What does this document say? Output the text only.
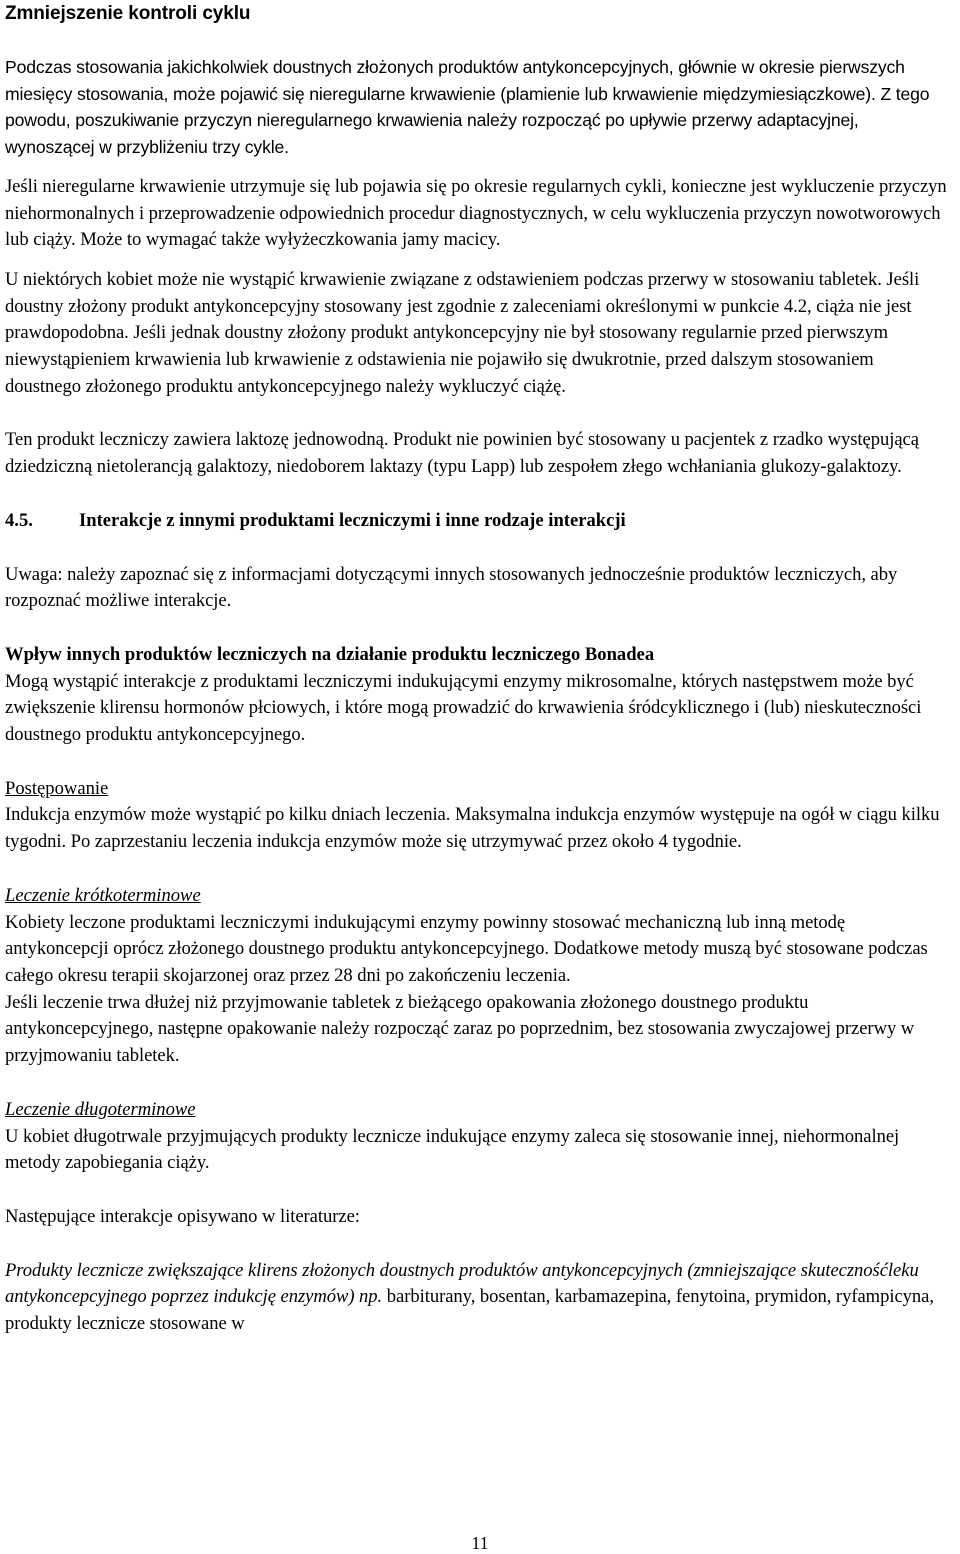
Zmniejszenie kontroli cyklu

Podczas stosowania jakichkolwiek doustnych złożonych produktów antykoncepcyjnych, głównie w okresie pierwszych miesięcy stosowania, może pojawić się nieregularne krwawienie (plamienie lub krwawienie międzymiesiączkowe). Z tego powodu, poszukiwanie przyczyn nieregularnego krwawienia należy rozpocząć po upływie przerwy adaptacyjnej, wynoszącej w przybliżeniu trzy cykle.

Jeśli nieregularne krwawienie utrzymuje się lub pojawia się po okresie regularnych cykli, konieczne jest wykluczenie przyczyn niehormonalnych i przeprowadzenie odpowiednich procedur diagnostycznych, w celu wykluczenia przyczyn nowotworowych lub ciąży. Może to wymagać także wyłyżeczkowania jamy macicy.

U niektórych kobiet może nie wystąpić krwawienie związane z odstawieniem podczas przerwy w stosowaniu tabletek. Jeśli doustny złożony produkt antykoncepcyjny stosowany jest zgodnie z zaleceniami określonymi w punkcie 4.2, ciąża nie jest prawdopodobna. Jeśli jednak doustny złożony produkt antykoncepcyjny nie był stosowany regularnie przed pierwszym niewystąpieniem krwawienia lub krwawienie z odstawienia nie pojawiło się dwukrotnie, przed dalszym stosowaniem doustnego złożonego produktu antykoncepcyjnego należy wykluczyć ciążę.

Ten produkt leczniczy zawiera laktozę jednowodną. Produkt nie powinien być stosowany u pacjentek z rzadko występującą dziedziczną nietolerancją galaktozy, niedoborem laktazy (typu Lapp) lub zespołem złego wchłaniania glukozy-galaktozy.

4.5.	Interakcje z innymi produktami leczniczymi i inne rodzaje interakcji

Uwaga: należy zapoznać się z informacjami dotyczącymi innych stosowanych jednocześnie produktów leczniczych, aby rozpoznać możliwe interakcje.

Wpływ innych produktów leczniczych na działanie produktu leczniczego Bonadea

Mogą wystąpić interakcje z produktami leczniczymi indukującymi enzymy mikrosomalne, których następstwem może być zwiększenie klirensu hormonów płciowych, i które mogą prowadzić do krwawienia śródcyklicznego i (lub) nieskuteczności doustnego produktu antykoncepcyjnego.

Postępowanie

Indukcja enzymów może wystąpić po kilku dniach leczenia. Maksymalna indukcja enzymów występuje na ogół w ciągu kilku tygodni. Po zaprzestaniu leczenia indukcja enzymów może się utrzymywać przez około 4 tygodnie.

Leczenie krótkoterminowe

Kobiety leczone produktami leczniczymi indukującymi enzymy powinny stosować mechaniczną lub inną metodę antykoncepcji oprócz złożonego doustnego produktu antykoncepcyjnego. Dodatkowe metody muszą być stosowane podczas całego okresu terapii skojarzonej oraz przez 28 dni po zakończeniu leczenia.

Jeśli leczenie trwa dłużej niż przyjmowanie tabletek z bieżącego opakowania złożonego doustnego produktu antykoncepcyjnego, następne opakowanie należy rozpocząć zaraz po poprzednim, bez stosowania zwyczajowej przerwy w przyjmowaniu tabletek.

Leczenie długoterminowe

U kobiet długotrwale przyjmujących produkty lecznicze indukujące enzymy zaleca się stosowanie innej, niehormonalnej metody zapobiegania ciąży.

Następujące interakcje opisywano w literaturze:

Produkty lecznicze zwiększające klirens złożonych doustnych produktów antykoncepcyjnych (zmniejszające skutecznośćleku antykoncepcyjnego poprzez indukcję enzymów) np. barbiturany, bosentan, karbamazepina, fenytoina, prymidon, ryfampicyna, produkty lecznicze stosowane w

11
